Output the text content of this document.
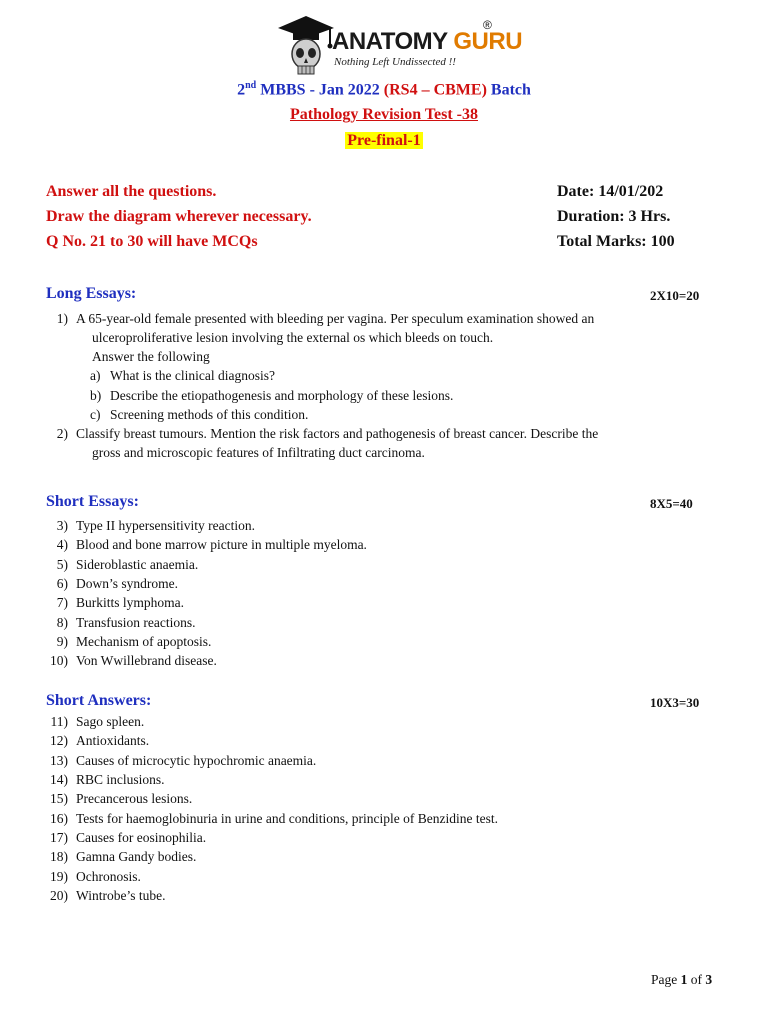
ANATOMY GURU
®
Nothing Left Undissected !!
2nd MBBS - Jan 2022 (RS4 – CBME) Batch
Pathology Revision Test -38
Pre-final-1
Answer all the questions.
Draw the diagram wherever necessary.
Q No. 21 to 30 will have MCQs
Date: 14/01/202
Duration: 3 Hrs.
Total Marks: 100
Long Essays:	2X10=20
1) A 65-year-old female presented with bleeding per vagina. Per speculum examination showed an
ulceroproliferative lesion involving the external os which bleeds on touch.
Answer the following
a) What is the clinical diagnosis?
b) Describe the etiopathogenesis and morphology of these lesions.
c) Screening methods of this condition.
2) Classify breast tumours. Mention the risk factors and pathogenesis of breast cancer. Describe the
gross and microscopic features of Infiltrating duct carcinoma.
Short Essays:	8X5=40
3) Type II hypersensitivity reaction.
4) Blood and bone marrow picture in multiple myeloma.
5) Sideroblastic anaemia.
6) Down’s syndrome.
7) Burkitts lymphoma.
8) Transfusion reactions.
9) Mechanism of apoptosis.
10) Von Wwillebrand disease.
Short Answers:	10X3=30
11) Sago spleen.
12) Antioxidants.
13) Causes of microcytic hypochromic anaemia.
14) RBC inclusions.
15) Precancerous lesions.
16) Tests for haemoglobinuria in urine and conditions, principle of Benzidine test.
17) Causes for eosinophilia.
18) Gamna Gandy bodies.
19) Ochronosis.
20) Wintrobe’s tube.
Page 1 of 3
